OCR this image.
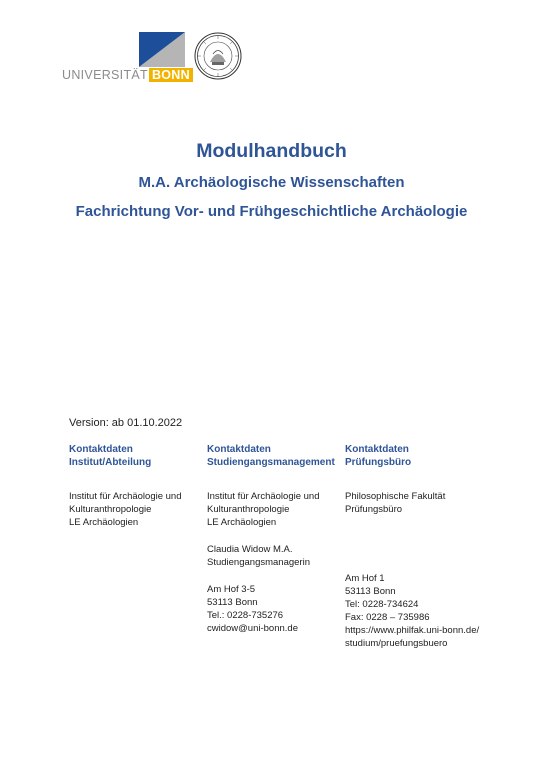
UNIVERSITÄT BONN
Modulhandbuch
M.A. Archäologische Wissenschaften
Fachrichtung Vor- und Frühgeschichtliche Archäologie
Version: ab 01.10.2022
Kontaktdaten
Institut/Abteilung
Institut für Archäologie und
Kulturanthropologie
LE Archäologien
Kontaktdaten
Studiengangsmanagement
Institut für Archäologie und
Kulturanthropologie
LE Archäologien
Claudia Widow M.A.
Studiengangsmanagerin
Am Hof 3-5
53113 Bonn
Tel.: 0228-735276
cwidow@uni-bonn.de
Kontaktdaten
Prüfungsbüro
Philosophische Fakultät
Prüfungsbüro
Am Hof 1
53113 Bonn
Tel: 0228-734624
Fax: 0228 – 735986
https://www.philfak.uni-bonn.de/
studium/pruefungsbuero
